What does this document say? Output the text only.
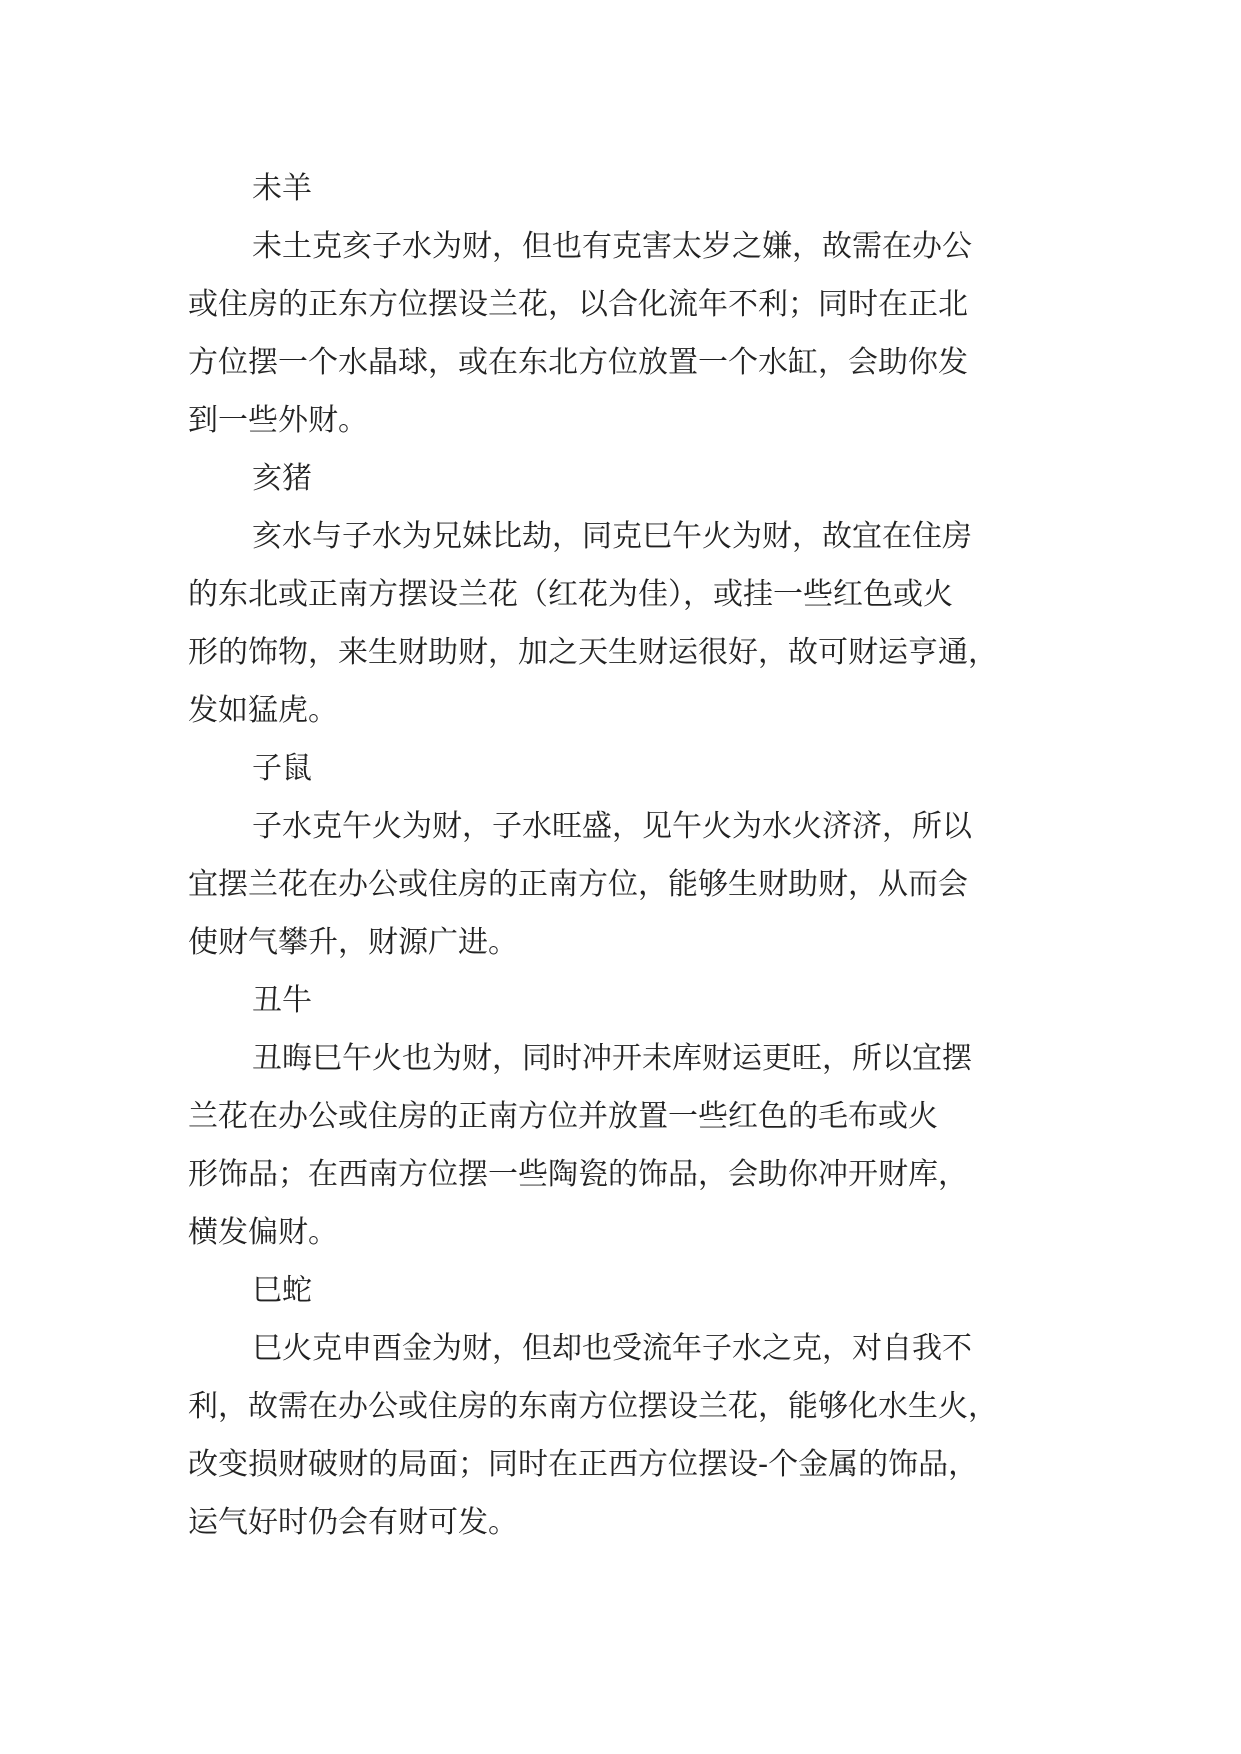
未羊
未土克亥子水为财，但也有克害太岁之嫌，故需在办公
或住房的正东方位摆设兰花，以合化流年不利；同时在正北
方位摆一个水晶球，或在东北方位放置一个水缸，会助你发
到一些外财。
亥猪
亥水与子水为兄妹比劫，同克巳午火为财，故宜在住房
的东北或正南方摆设兰花（红花为佳），或挂一些红色或火
形的饰物，来生财助财，加之天生财运很好，故可财运亨通，
发如猛虎。
子鼠
子水克午火为财，子水旺盛，见午火为水火济济，所以
宜摆兰花在办公或住房的正南方位，能够生财助财，从而会
使财气攀升，财源广进。
丑牛
丑晦巳午火也为财，同时冲开未库财运更旺，所以宜摆
兰花在办公或住房的正南方位并放置一些红色的毛布或火
形饰品；在西南方位摆一些陶瓷的饰品，会助你冲开财库，
横发偏财。
巳蛇
巳火克申酉金为财，但却也受流年子水之克，对自我不
利，故需在办公或住房的东南方位摆设兰花，能够化水生火，
改变损财破财的局面；同时在正西方位摆设-个金属的饰品，
运气好时仍会有财可发。
